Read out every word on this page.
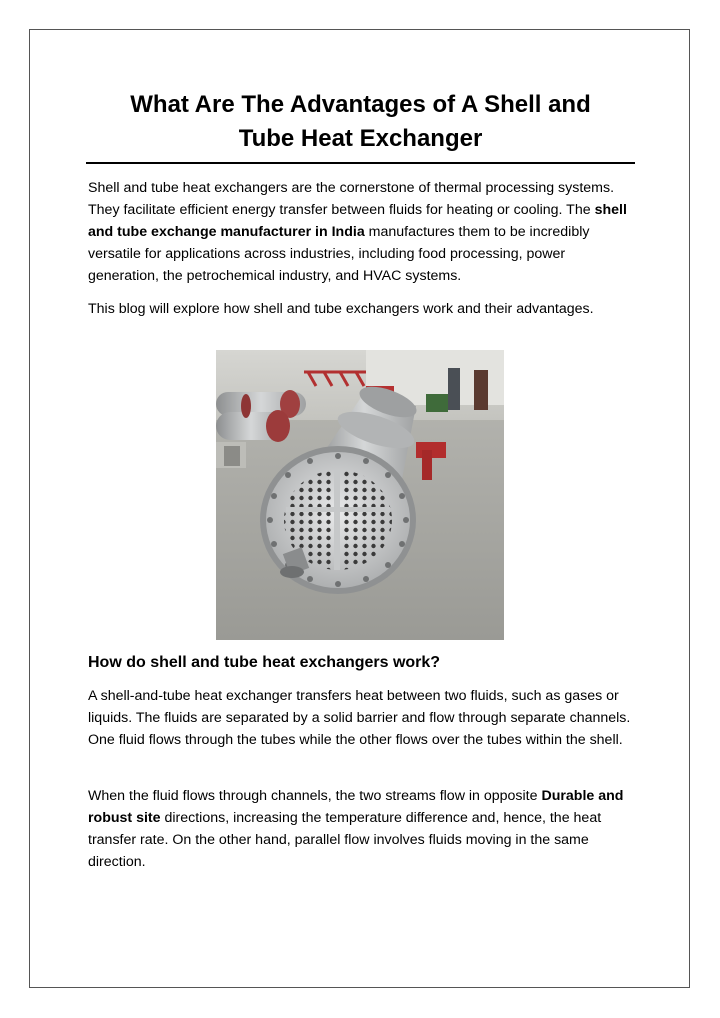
What Are The Advantages of A Shell and
Tube Heat Exchanger

Shell and tube heat exchangers are the cornerstone of thermal processing systems. They facilitate efficient energy transfer between fluids for heating or cooling. The shell and tube exchange manufacturer in India manufactures them to be incredibly versatile for applications across industries, including food processing, power generation, the petrochemical industry, and HVAC systems.

This blog will explore how shell and tube exchangers work and their advantages.

How do shell and tube heat exchangers work?

A shell-and-tube heat exchanger transfers heat between two fluids, such as gases or liquids. The fluids are separated by a solid barrier and flow through separate channels. One fluid flows through the tubes while the other flows over the tubes within the shell.

When the fluid flows through channels, the two streams flow in opposite Durable and robust site directions, increasing the temperature difference and, hence, the heat transfer rate. On the other hand, parallel flow involves fluids moving in the same direction.
